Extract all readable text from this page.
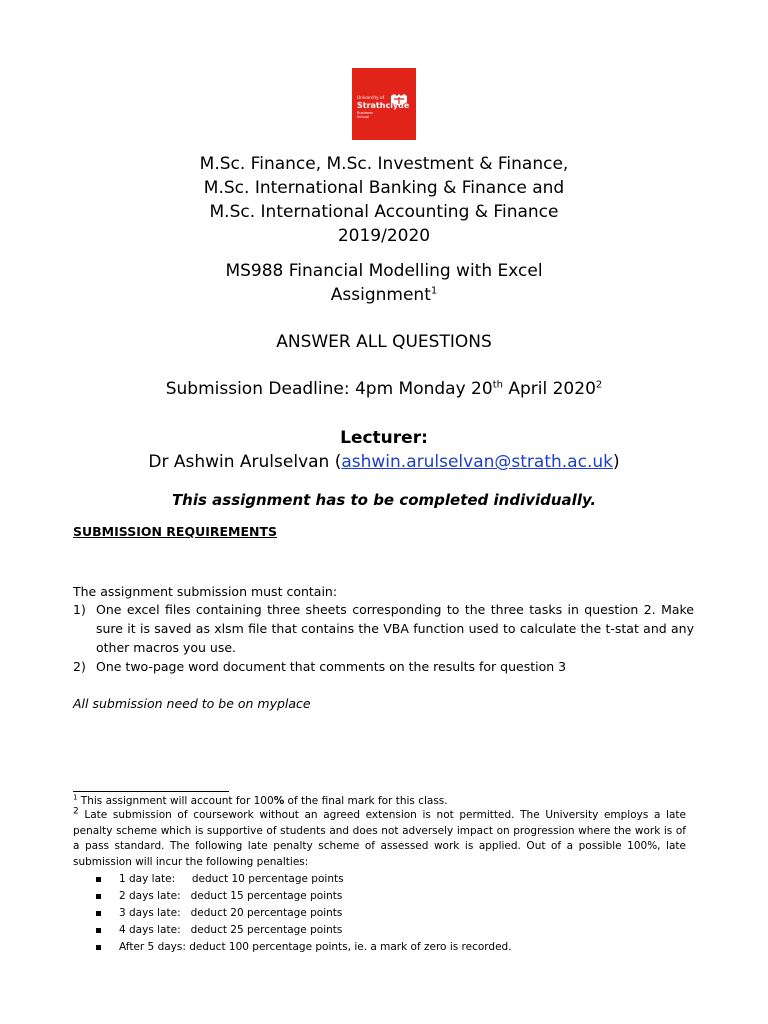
University of
Strathclyde
Business
School
M.Sc. Finance, M.Sc. Investment & Finance,
M.Sc. International Banking & Finance and
M.Sc. International Accounting & Finance
2019/2020
MS988 Financial Modelling with Excel
Assignment$^1$
ANSWER ALL QUESTIONS
Submission Deadline: 4pm Monday 20th April 2020$^2$
Lecturer:
Dr Ashwin Arulselvan (ashwin.arulselvan@strath.ac.uk)
This assignment has to be completed individually.
SUBMISSION REQUIREMENTS
The assignment submission must contain:
1) One excel files containing three sheets corresponding to the three tasks in question 2. Make sure it is saved as xlsm file that contains the VBA function used to calculate the t-stat and any other macros you use.
2) One two-page word document that comments on the results for question 3
All submission need to be on myplace
$^1$ This assignment will account for 100% of the final mark for this class.
$^2$ Late submission of coursework without an agreed extension is not permitted. The University employs a late penalty scheme which is supportive of students and does not adversely impact on progression where the work is of a pass standard. The following late penalty scheme of assessed work is applied. Out of a possible 100%, late submission will incur the following penalties:
1 day late:     deduct 10 percentage points
2 days late:   deduct 15 percentage points
3 days late:   deduct 20 percentage points
4 days late:   deduct 25 percentage points
After 5 days: deduct 100 percentage points, ie. a mark of zero is recorded.
